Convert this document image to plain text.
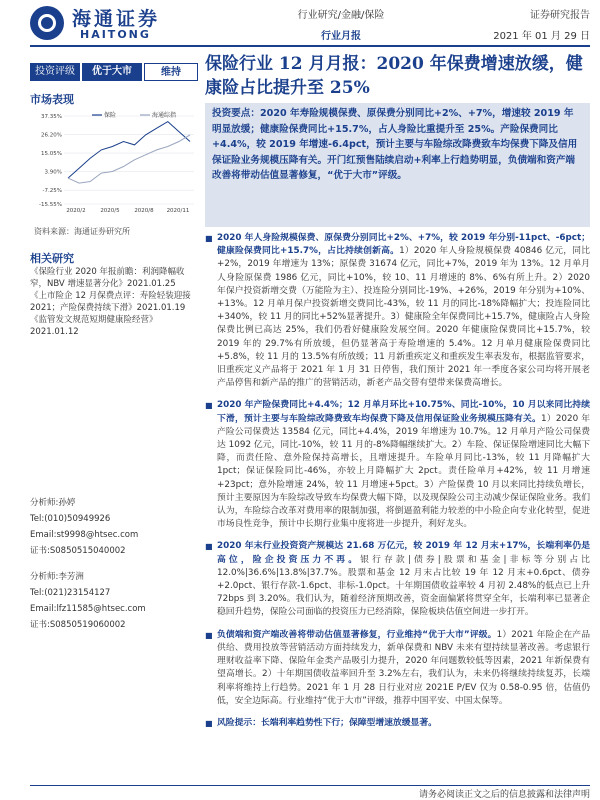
海通证券
HAITONG
行业研究/金融/保险
行业月报
证券研究报告
2021 年 01 月 29 日
投资评级	优于大市	维持
市场表现
37.35%
26.20%
15.05%
3.90%
-7.25%
-15.55%
2020/2	2020/5	2020/8 2020/11
保险	海通综指
资料来源：海通证券研究所
相关研究
《保险行业 2020 年报前瞻：利润降幅收窄，NBV 增速显著分化》2021.01.25
《上市险企 12 月保费点评：寿险轻装迎接 2021；产险保费持续下滑》2021.01.19
《监管发文规范短期健康险经营》2021.01.12
分析师:孙婷
Tel:(010)50949926
Email:st9998@htsec.com
证书:S0850515040002
分析师:李芳洲
Tel:(021)23154127
Email:lfz11585@htsec.com
证书:S0850519060002
保险行业 12 月月报：2020 年保费增速放缓，健康险占比提升至 25%
投资要点：2020 年寿险规模保费、原保费分别同比+2%、+7%，增速较 2019 年明显放缓；健康险保费同比+15.7%，占人身险比重提升至 25%。产险保费同比+4.4%，较 2019 年增速-6.4pct，预计主要与车险综改降费致车均保费下降及信用保证险业务规模压降有关。开门红预售陆续启动+利率上行趋势明显，负债端和资产端改善将带动估值显著修复，“优于大市”评级。
■ 2020 年人身险规模保费、原保费分别同比+2%、+7%，较 2019 年分别-11pct、-6pct；健康险保费同比+15.7%，占比持续创新高。1）2020 年人身险规模保费 40846 亿元，同比+2%，2019 年增速为 13%；原保费 31674 亿元，同比+7%，2019 年为 13%。12 月单月人身险原保费 1986 亿元，同比+10%，较 10、11 月增速的 8%、6%有所上升。2）2020 年保户投资新增交费（万能险为主）、投连险分别同比-19%、+26%，2019 年分别为+10%、+13%。12 月单月保户投资新增交费同比-43%，较 11 月的同比-18%降幅扩大；投连险同比+340%，较 11 月的同比+52%显著提升。3）健康险全年保费同比+15.7%，健康险占人身险保费比例已高达 25%，我们仍看好健康险发展空间。2020 年健康险保费同比+15.7%，较 2019 年的 29.7%有所放缓，但仍显著高于寿险增速的 5.4%。12 月单月健康险保费同比+5.8%，较 11 月的 13.5%有所放缓；11 月新重疾定义和重疾发生率表发布，根据监管要求，旧重疾定义产品将于 2021 年 1 月 31 日停售，我们预计 2021 年一季度各家公司均将开展老产品停售和新产品的推广的营销活动，新老产品交替有望带来保费高增长。
■ 2020 年产险保费同比+4.4%；12 月单月环比+10.75%、同比-10%，10 月以来同比持续下滑，预计主要与车险综改降费致车均保费下降及信用保证险业务规模压降有关。1）2020 年产险公司保费达 13584 亿元，同比+4.4%，2019 年增速为 10.7%。12 月单月产险公司保费达 1092 亿元，同比-10%，较 11 月的-8%降幅继续扩大。2）车险、保证保险增速同比大幅下降，而责任险、意外险保持高增长，且增速提升。车险单月同比-13%，较 11 月降幅扩大 1pct；保证保险同比-46%，亦较上月降幅扩大 2pct。责任险单月+42%，较 11 月增速+23pct；意外险增速 24%，较 11 月增速+5pct。3）产险保费 10 月以来同比持续负增长，预计主要原因为车险综改导致车均保费大幅下降，以及现保险公司主动减少保证保险业务。我们认为，车险综合改革对费用率的限制加强，将倒逼盈利能力较差的中小险企向专业化转型，促进市场良性竞争，预计中长期行业集中度将进一步提升，利好龙头。
■ 2020 年末行业投资资产规模达 21.68 万亿元，较 2019 年 12 月末+17%，长端利率仍是高位，险企投资压力不再。银行存款|债券|股票和基金|非标等分别占比 12.0%|36.6%|13.8%|37.7%。股票和基金 12 月末占比较 19 年 12 月末+0.6pct、债券+2.0pct、银行存款-1.6pct、非标-1.0pct。十年期国债收益率较 4 月初 2.48%的低点已上升 72bps 到 3.20%。我们认为，随着经济预期改善，资金面偏紧将贯穿全年，长端利率已显著企稳回升趋势，保险公司面临的投资压力已经消除，保险板块估值空间进一步打开。
■ 负债端和资产端改善将带动估值显著修复，行业维持“优于大市”评级。1）2021 年险企在产品供给、费用投放等营销活动方面持续发力，新单保费和 NBV 未来有望持续显著改善。考虑银行理财收益率下降、保险年金类产品吸引力提升，2020 年问题数较低等因素，2021 年新保费有望高增长。2）十年期国债收益率回升至 3.2%左右，我们认为，未来仍将继续持续复苏，长端利率将维持上行趋势。2021 年 1 月 28 日行业对应 2021E P/EV 仅为 0.58-0.95 倍，估值仍低，安全边际高。行业维持“优于大市”评级，推荐中国平安、中国太保等。
■ 风险提示：长端利率趋势性下行；保障型增速放缓显著。
请务必阅读正文之后的信息披露和法律声明
